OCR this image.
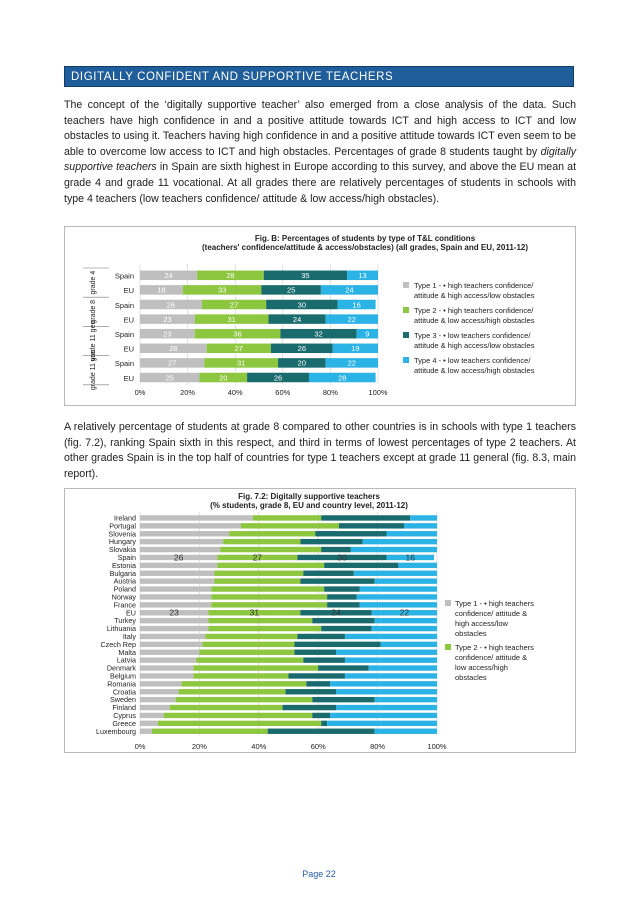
DIGITALLY CONFIDENT AND SUPPORTIVE TEACHERS

The concept of the ‘digitally supportive teacher’ also emerged from a close analysis of the data. Such teachers have high confidence in and a positive attitude towards ICT and high access to ICT and low obstacles to using it. Teachers having high confidence in and a positive attitude towards ICT even seem to be able to overcome low access to ICT and high obstacles. Percentages of grade 8 students taught by digitally supportive teachers in Spain are sixth highest in Europe according to this survey, and above the EU mean at grade 4 and grade 11 vocational. At all grades there are relatively percentages of students in schools with type 4 teachers (low teachers confidence/ attitude & low access/high obstacles).

Fig. B: Percentages of students by type of T&L conditions
(teachers' confidence/attitude & access/obstacles) (all grades, Spain and EU, 2011-12)
0%	20%	40%	60%	80%	100%
Spain	24	28	35	13
EU	18	33	25	24
Spain	26	27	30	16
EU	23	31	24	22
Spain	23	36	32	9
EU	28	27	26	19
Spain	27	31	20	22
EU	25	20	26	28
grade 4
grade 8
grade 11 gen
grade 11 voc
Type 1 - • high teachers confidence/
attitude & high access/low obstacles
Type 2 - • high teachers confidence/
attitude & low access/high obstacles
Type 3 - • low teachers confidence/
attitude & high access/low obstacles
Type 4 - • low teachers confidence/
attitude & low access/high obstacles

A relatively percentage of students at grade 8 compared to other countries is in schools with type 1 teachers (fig. 7.2), ranking Spain sixth in this respect, and third in terms of lowest percentages of type 2 teachers. At other grades Spain is in the top half of countries for type 1 teachers except at grade 11 general (fig. 8.3, main report).

Fig. 7.2: Digitally supportive teachers
(% students, grade 8, EU and country level, 2011-12)
0%	20%	40%	60%	80%	100%
Ireland
Portugal
Slovenia
Hungary
Slovakia
Spain	26	27	30	16
Estonia
Bulgaria
Austria
Poland
Norway
France
EU	23	31	24	22
Turkey
Lithuania
Italy
Czech Rep
Malta
Latvia
Denmark
Belgium
Romania
Croatia
Sweden
Finland
Cyprus
Greece
Luxembourg
Type 1 - • high teachers
confidence/ attitude &
high access/low
obstacles
Type 2 - • high teachers
confidence/ attitude &
low access/high
obstacles
Page 22
